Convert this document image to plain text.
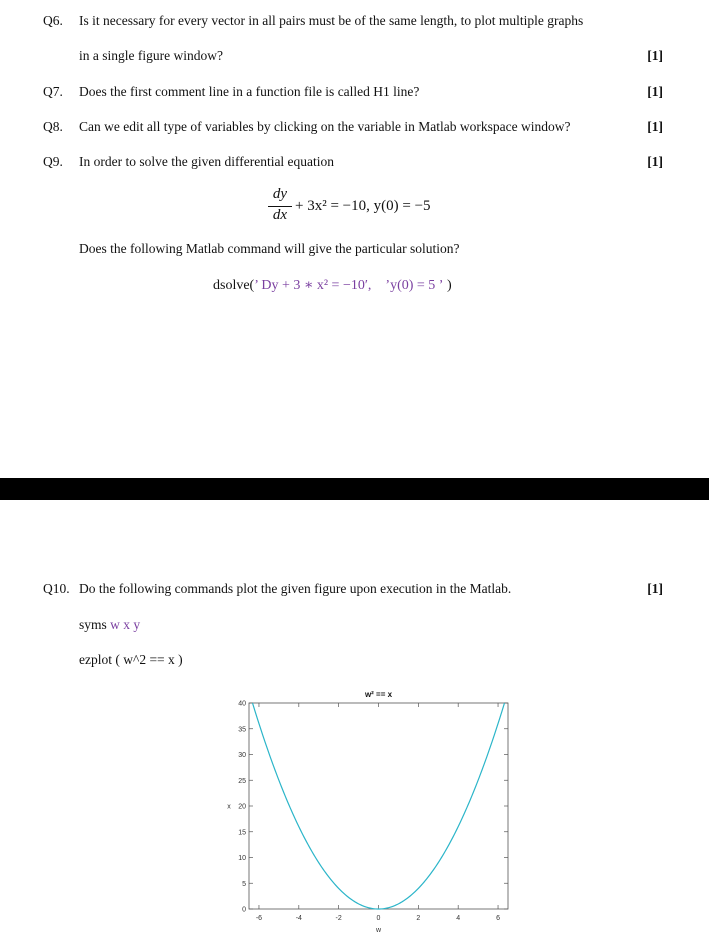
Q6. Is it necessary for every vector in all pairs must be of the same length, to plot multiple graphs
in a single figure window?	[1]
Q7. Does the first comment line in a function file is called H1 line?	[1]
Q8. Can we edit all type of variables by clicking on the variable in Matlab workspace window?	[1]
Q9. In order to solve the given differential equation	[1]
dy
dx
+ 3x² = −10, y(0) = −5
Does the following Matlab command will give the particular solution?
dsolve(’ Dy + 3 ∗ x² = −10′, ’y(0) = 5 ’ )
Q10. Do the following commands plot the given figure upon execution in the Matlab.	[1]
syms w x y
ezplot ( w^2 == x )
0
5
10
15
20
25
30
35
40
-6	-4	-2	0	2	4	6
w² == x
w
x
